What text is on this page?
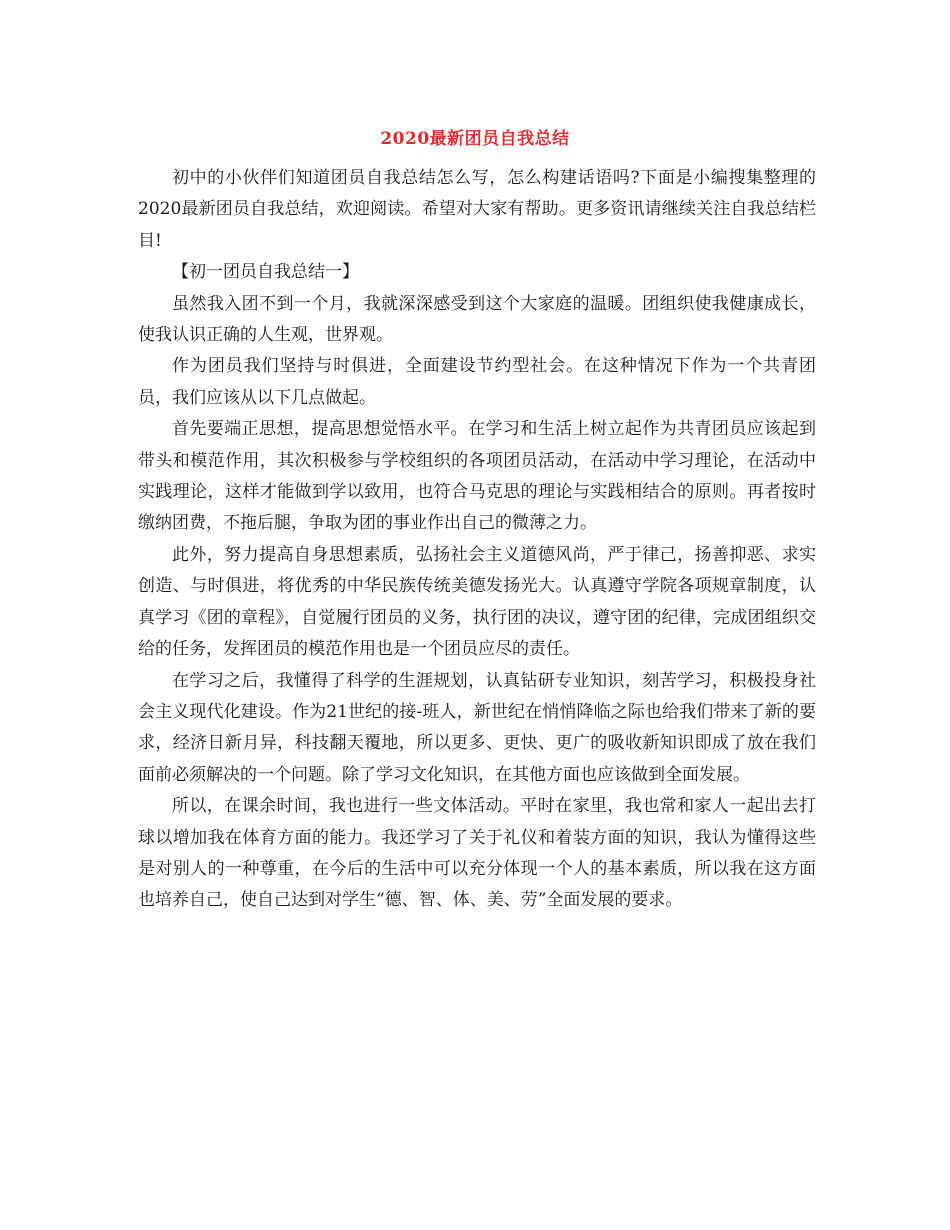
2020最新团员自我总结

初中的小伙伴们知道团员自我总结怎么写，怎么构建话语吗?下面是小编搜集整理的2020最新团员自我总结，欢迎阅读。希望对大家有帮助。更多资讯请继续关注自我总结栏目!

【初一团员自我总结一】

虽然我入团不到一个月，我就深深感受到这个大家庭的温暖。团组织使我健康成长，使我认识正确的人生观，世界观。

作为团员我们坚持与时俱进，全面建设节约型社会。在这种情况下作为一个共青团员，我们应该从以下几点做起。

首先要端正思想，提高思想觉悟水平。在学习和生活上树立起作为共青团员应该起到带头和模范作用，其次积极参与学校组织的各项团员活动，在活动中学习理论，在活动中实践理论，这样才能做到学以致用，也符合马克思的理论与实践相结合的原则。再者按时缴纳团费，不拖后腿，争取为团的事业作出自己的微薄之力。

此外，努力提高自身思想素质，弘扬社会主义道德风尚，严于律己，扬善抑恶、求实创造、与时俱进，将优秀的中华民族传统美德发扬光大。认真遵守学院各项规章制度，认真学习《团的章程》，自觉履行团员的义务，执行团的决议，遵守团的纪律，完成团组织交给的任务，发挥团员的模范作用也是一个团员应尽的责任。

在学习之后，我懂得了科学的生涯规划，认真钻研专业知识，刻苦学习，积极投身社会主义现代化建设。作为21世纪的接-班人，新世纪在悄悄降临之际也给我们带来了新的要求，经济日新月异，科技翻天覆地，所以更多、更快、更广的吸收新知识即成了放在我们面前必须解决的一个问题。除了学习文化知识，在其他方面也应该做到全面发展。

所以，在课余时间，我也进行一些文体活动。平时在家里，我也常和家人一起出去打球以增加我在体育方面的能力。我还学习了关于礼仪和着装方面的知识，我认为懂得这些是对别人的一种尊重，在今后的生活中可以充分体现一个人的基本素质，所以我在这方面也培养自己，使自己达到对学生“德、智、体、美、劳”全面发展的要求。
